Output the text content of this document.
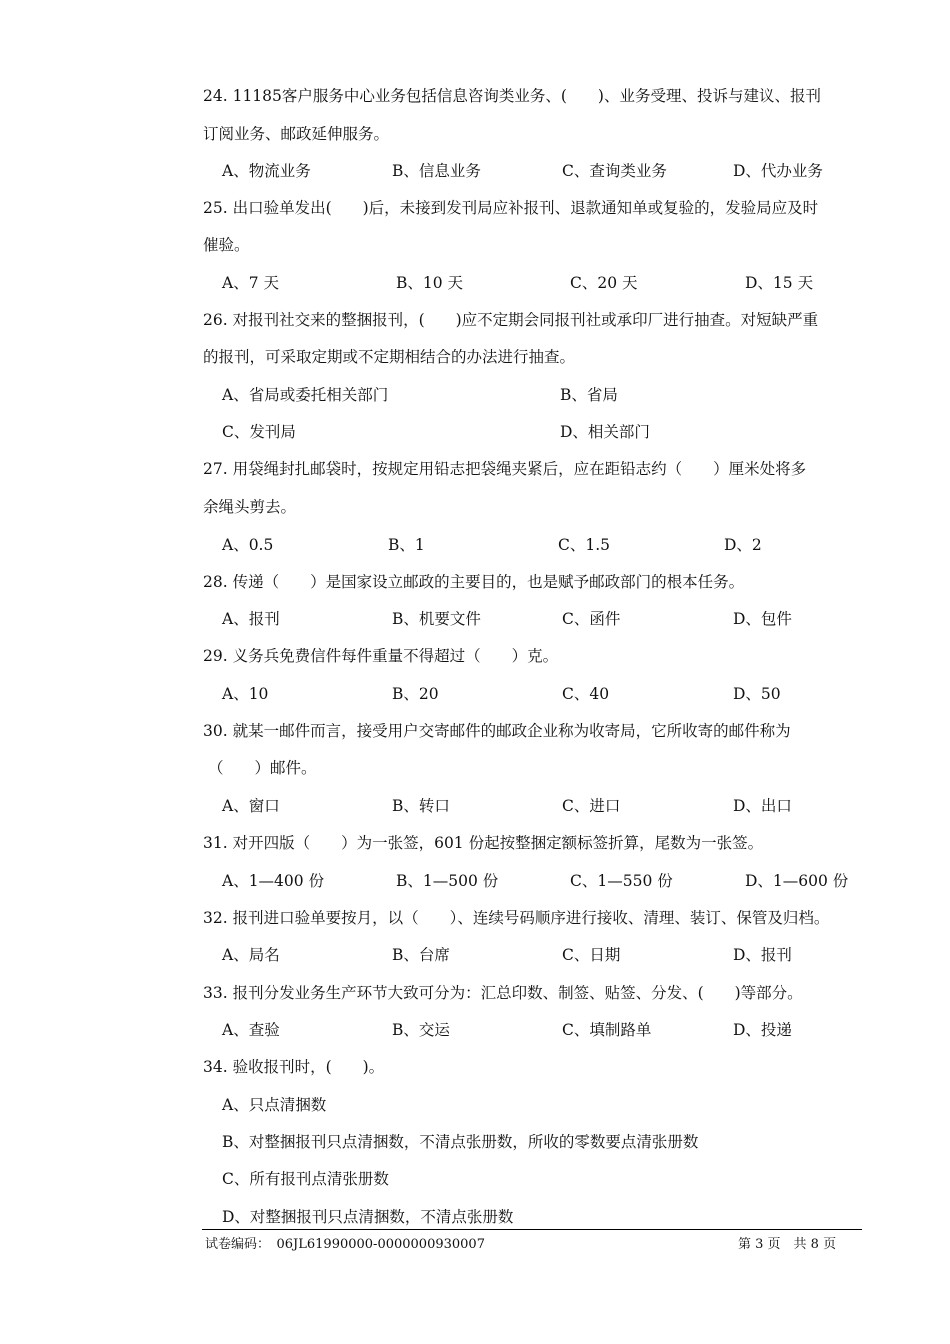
24. 11185客户服务中心业务包括信息咨询类业务、(　　)、业务受理、投诉与建议、报刊
订阅业务、邮政延伸服务。
A、物流业务	B、信息业务	C、查询类业务	D、代办业务
25. 出口验单发出(　　)后，未接到发刊局应补报刊、退款通知单或复验的，发验局应及时
催验。
A、7 天	B、10 天	C、20 天	D、15 天
26. 对报刊社交来的整捆报刊，(　　)应不定期会同报刊社或承印厂进行抽查。对短缺严重
的报刊，可采取定期或不定期相结合的办法进行抽查。
A、省局或委托相关部门	B、省局
C、发刊局	D、相关部门
27. 用袋绳封扎邮袋时，按规定用铅志把袋绳夹紧后，应在距铅志约（　　）厘米处将多
余绳头剪去。
A、0.5	B、1	C、1.5	D、2
28. 传递（　　）是国家设立邮政的主要目的，也是赋予邮政部门的根本任务。
A、报刊	B、机要文件	C、函件	D、包件
29. 义务兵免费信件每件重量不得超过（　　）克。
A、10	B、20	C、40	D、50
30. 就某一邮件而言，接受用户交寄邮件的邮政企业称为收寄局，它所收寄的邮件称为
（　　）邮件。
A、窗口	B、转口	C、进口	D、出口
31. 对开四版（　　）为一张签，601 份起按整捆定额标签折算，尾数为一张签。
A、1—400 份	B、1—500 份	C、1—550 份	D、1—600 份
32. 报刊进口验单要按月，以（　　）、连续号码顺序进行接收、清理、装订、保管及归档。
A、局名	B、台席	C、日期	D、报刊
33. 报刊分发业务生产环节大致可分为：汇总印数、制签、贴签、分发、(　　)等部分。
A、查验	B、交运	C、填制路单	D、投递
34. 验收报刊时，(　　)。
A、只点清捆数
B、对整捆报刊只点清捆数，不清点张册数，所收的零数要点清张册数
C、所有报刊点清张册数
D、对整捆报刊只点清捆数，不清点张册数
试卷编码：　06JL61990000-0000000930007	第 3 页　共 8 页
